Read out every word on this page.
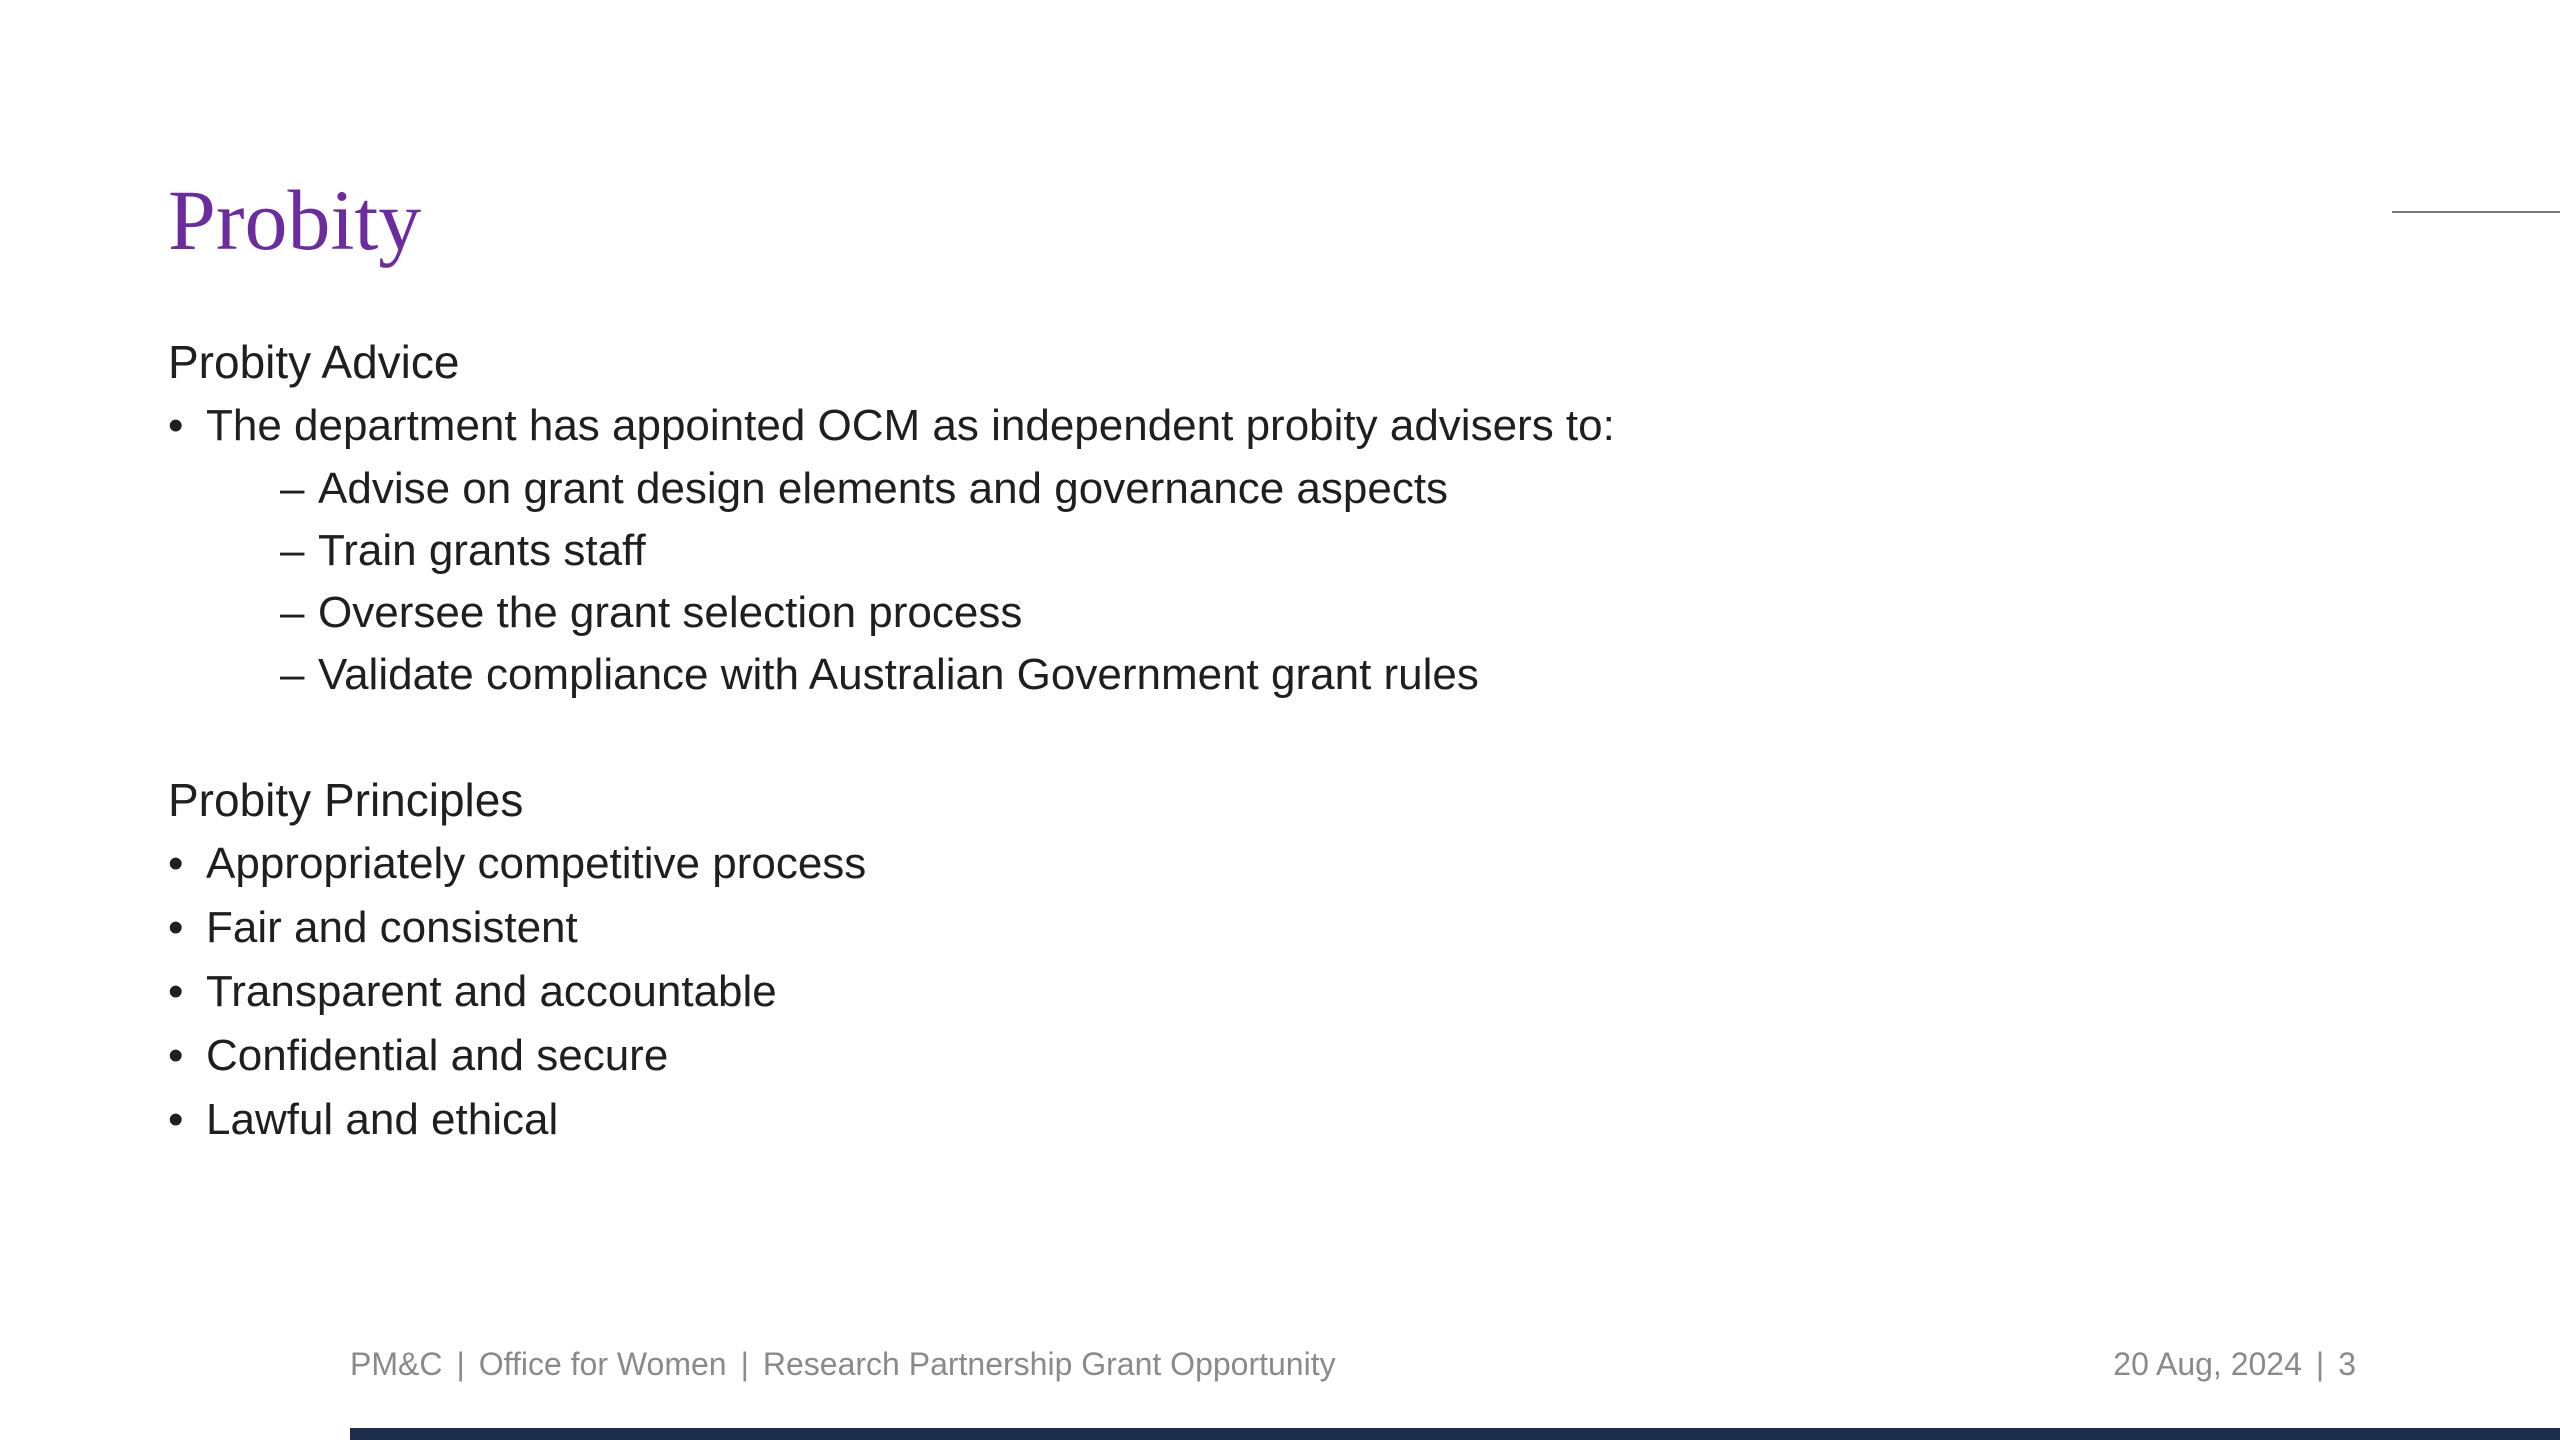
Probity
Probity Advice
• The department has appointed OCM as independent probity advisers to:
– Advise on grant design elements and governance aspects
– Train grants staff
– Oversee the grant selection process
– Validate compliance with Australian Government grant rules
Probity Principles
• Appropriately competitive process
• Fair and consistent
• Transparent and accountable
• Confidential and secure
• Lawful and ethical
PM&C | Office for Women | Research Partnership Grant Opportunity	20 Aug, 2024 | 3
